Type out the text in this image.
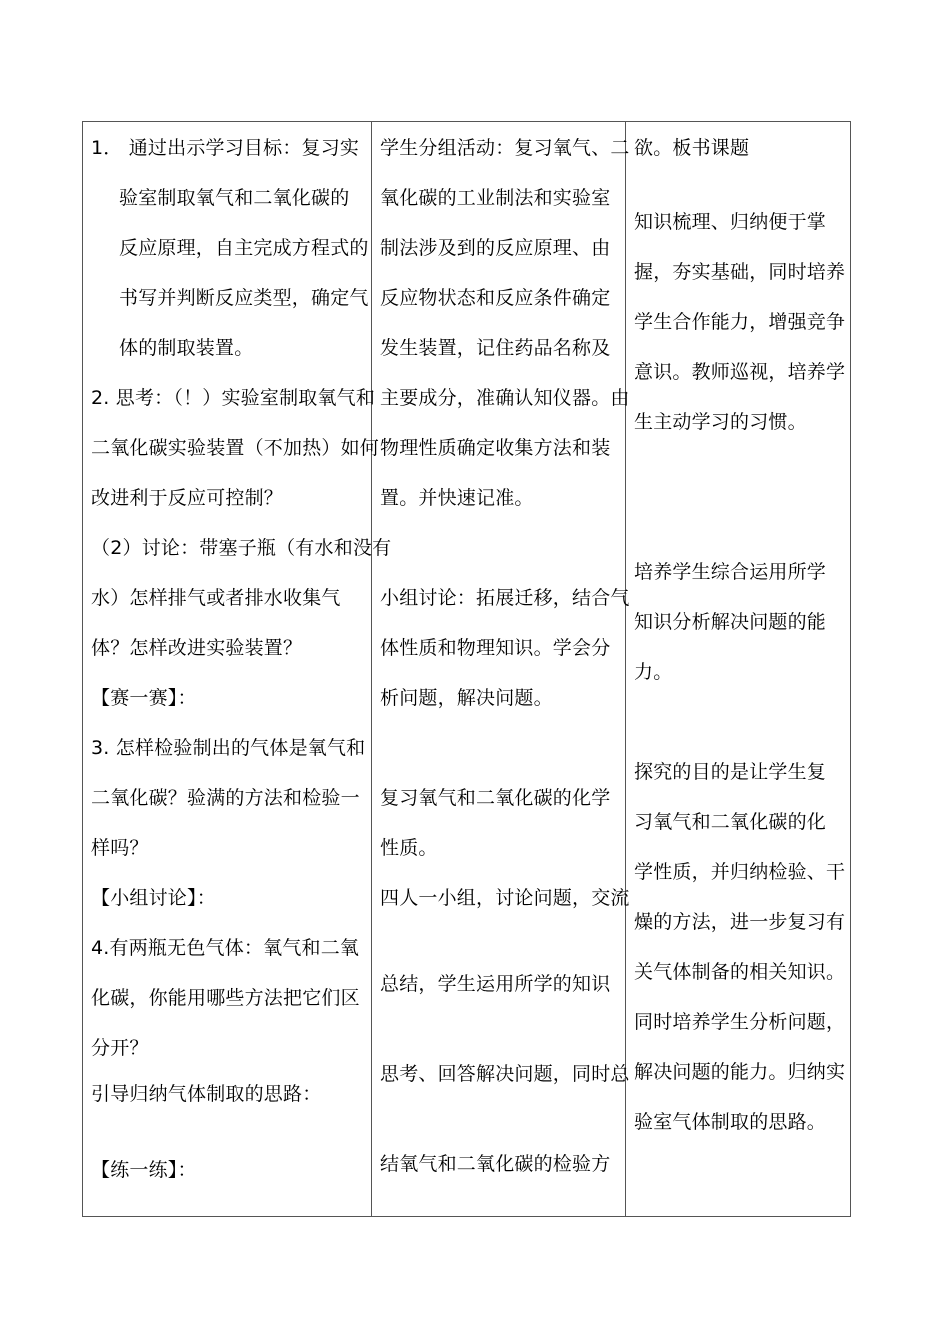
1． 通过出示学习目标：复习实
验室制取氧气和二氧化碳的
反应原理，自主完成方程式的
书写并判断反应类型，确定气
体的制取装置。
2. 思考：（！）实验室制取氧气和
二氧化碳实验装置（不加热）如何
改进利于反应可控制？
（2）讨论：带塞子瓶（有水和没有
水）怎样排气或者排水收集气
体？怎样改进实验装置？
【赛一赛】：
3. 怎样检验制出的气体是氧气和
二氧化碳？验满的方法和检验一
样吗？
【小组讨论】：
4.有两瓶无色气体：氧气和二氧
化碳，你能用哪些方法把它们区
分开？
引导归纳气体制取的思路：
【练一练】：
学生分组活动：复习氧气、二
氧化碳的工业制法和实验室
制法涉及到的反应原理、由
反应物状态和反应条件确定
发生装置，记住药品名称及
主要成分，准确认知仪器。由
物理性质确定收集方法和装
置。并快速记准。
小组讨论：拓展迁移，结合气
体性质和物理知识。学会分
析问题，解决问题。
复习氧气和二氧化碳的化学
性质。
四人一小组，讨论问题，交流
总结，学生运用所学的知识
思考、回答解决问题，同时总
结氧气和二氧化碳的检验方
欲。板书课题
知识梳理、归纳便于掌
握，夯实基础，同时培养
学生合作能力，增强竞争
意识。教师巡视，培养学
生主动学习的习惯。
培养学生综合运用所学
知识分析解决问题的能
力。
探究的目的是让学生复
习氧气和二氧化碳的化
学性质，并归纳检验、干
燥的方法，进一步复习有
关气体制备的相关知识。
同时培养学生分析问题，
解决问题的能力。归纳实
验室气体制取的思路。
